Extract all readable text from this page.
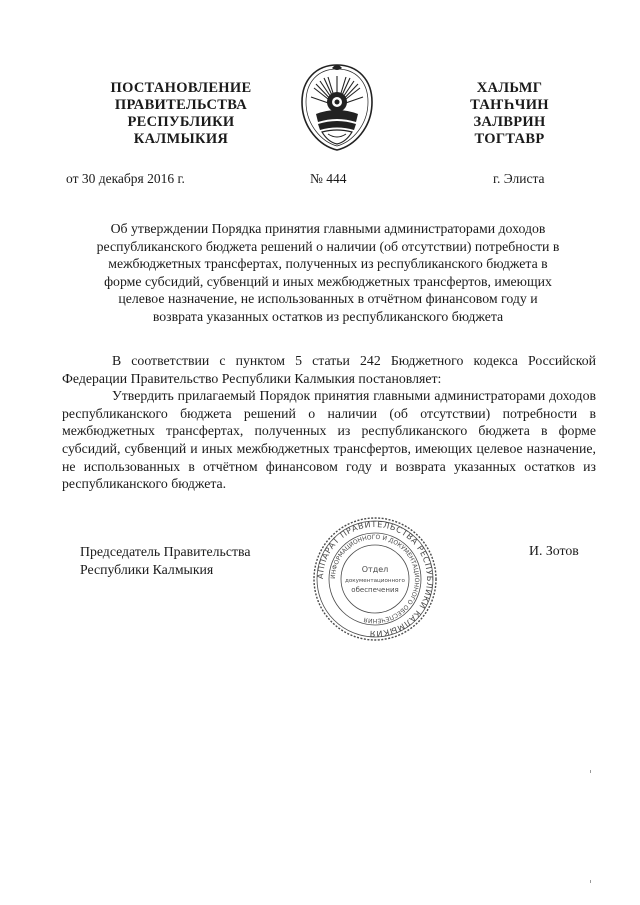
ПОСТАНОВЛЕНИЕ
ПРАВИТЕЛЬСТВА
РЕСПУБЛИКИ
КАЛМЫКИЯ
ХАЛЬМГ
ТАҤҺЧИН
ЗАЛВРИН
ТОГТАВР
от 30 декабря 2016 г.	№ 444	г. Элиста
Об утверждении Порядка принятия главными администраторами доходов
республиканского бюджета решений о наличии (об отсутствии) потребности в
межбюджетных трансфертах, полученных из республиканского бюджета в
форме субсидий, субвенций и иных межбюджетных трансфертов, имеющих
целевое назначение, не использованных в отчётном финансовом году и
возврата указанных остатков из республиканского бюджета

В соответствии с пунктом 5 статьи 242 Бюджетного кодекса Российской Федерации Правительство Республики Калмыкия постановляет:

Утвердить прилагаемый Порядок принятия главными администраторами доходов республиканского бюджета решений о наличии (об отсутствии) потребности в межбюджетных трансфертах, полученных из республиканского бюджета в форме субсидий, субвенций и иных межбюджетных трансфертов, имеющих целевое назначение, не использованных в отчётном финансовом году и возврата указанных остатков из республиканского бюджета.

Председатель Правительства
Республики Калмыкия	АППАРАТ ПРАВИТЕЛЬСТВА РЕСПУБЛИКИ КАЛМЫКИЯ
ИНФОРМАЦИОННОГО И ДОКУМЕНТАЦИОННОГО ОБЕСПЕЧЕНИЯ
Отдел
документационного
обеспечения
И. Зотов
